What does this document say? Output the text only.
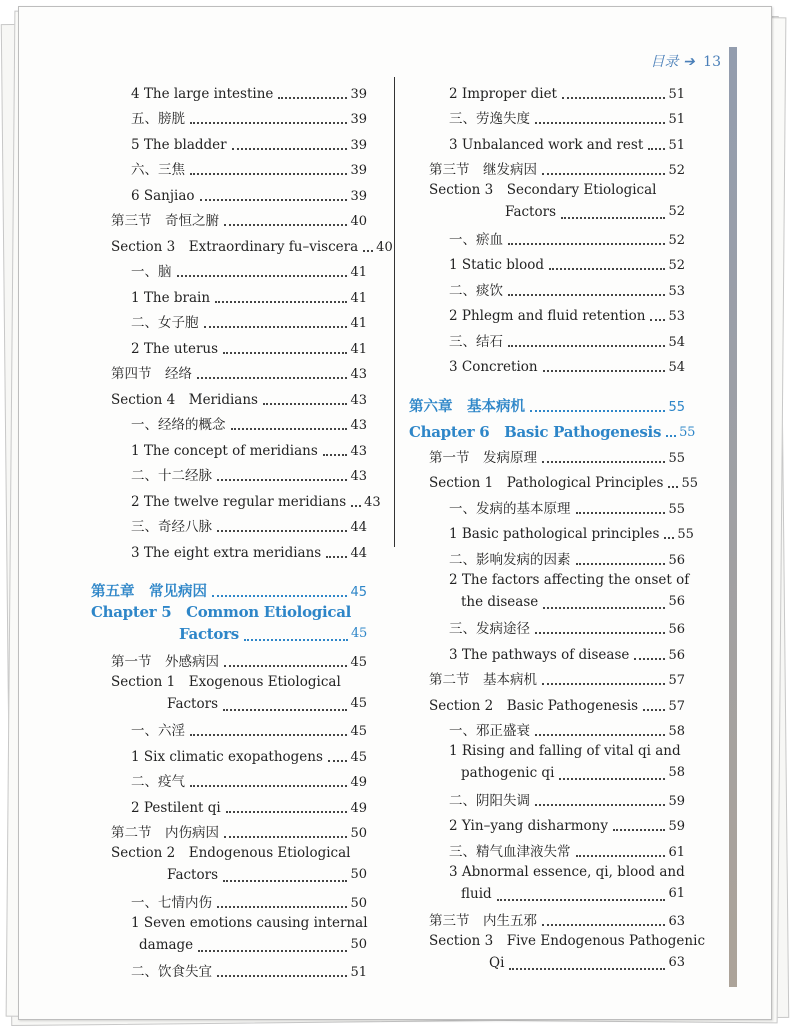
目录 ➔ 13
4 The large intestine	39
五、膀胱	39
5 The bladder	39
六、三焦	39
6 Sanjiao	39
第三节　奇恒之腑	40
Section 3　Extraordinary fu–viscera 40
一、脑	41
1 The brain	41
二、女子胞	41
2 The uterus	41
第四节　经络	43
Section 4　Meridians	43
一、经络的概念	43
1 The concept of meridians	43
二、十二经脉	43
2 The twelve regular meridians 43
三、奇经八脉	44
3 The eight extra meridians 44
第五章　常见病因	45
Chapter 5　Common Etiological
Factors	45
第一节　外感病因	45
Section 1　Exogenous Etiological
Factors	45
一、六淫	45
1 Six climatic exopathogens 45
二、疫气	49
2 Pestilent qi	49
第二节　内伤病因	50
Section 2　Endogenous Etiological
Factors	50
一、七情内伤	50
1 Seven emotions causing internal
damage	50
二、饮食失宜	51
2 Improper diet	51
三、劳逸失度	51
3 Unbalanced work and rest 51
第三节　继发病因	52
Section 3　Secondary Etiological
Factors	52
一、瘀血	52
1 Static blood	52
二、痰饮	53
2 Phlegm and fluid retention 53
三、结石	54
3 Concretion	54
第六章　基本病机	55
Chapter 6　Basic Pathogenesis 55
第一节　发病原理	55
Section 1　Pathological Principles 55
一、发病的基本原理	55
1 Basic pathological principles 55
二、影响发病的因素	56
2 The factors affecting the onset of
the disease	56
三、发病途径	56
3 The pathways of disease	56
第二节　基本病机	57
Section 2　Basic Pathogenesis 57
一、邪正盛衰	58
1 Rising and falling of vital qi and
pathogenic qi	58
二、阴阳失调	59
2 Yin–yang disharmony	59
三、精气血津液失常	61
3 Abnormal essence, qi, blood and
fluid	61
第三节　内生五邪	63
Section 3　Five Endogenous Pathogenic
Qi	63
